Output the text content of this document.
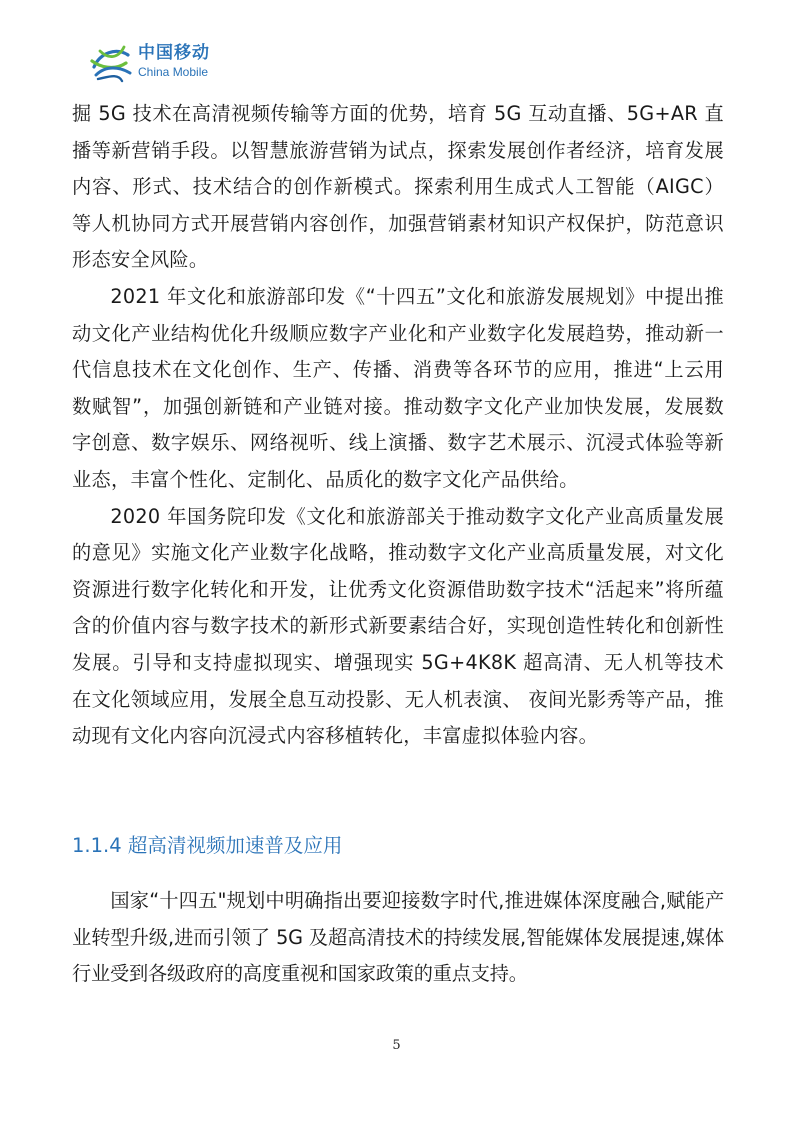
中国移动
China Mobile

掘 5G 技术在高清视频传输等方面的优势，培育 5G 互动直播、5G+AR 直播等新营销手段。以智慧旅游营销为试点，探索发展创作者经济，培育发展内容、形式、技术结合的创作新模式。探索利用生成式人工智能（AIGC）等人机协同方式开展营销内容创作，加强营销素材知识产权保护，防范意识形态安全风险。

2021 年文化和旅游部印发《“十四五”文化和旅游发展规划》中提出推动文化产业结构优化升级顺应数字产业化和产业数字化发展趋势，推动新一代信息技术在文化创作、生产、传播、消费等各环节的应用，推进“上云用数赋智”，加强创新链和产业链对接。推动数字文化产业加快发展，发展数字创意、数字娱乐、网络视听、线上演播、数字艺术展示、沉浸式体验等新业态，丰富个性化、定制化、品质化的数字文化产品供给。

2020 年国务院印发《文化和旅游部关于推动数字文化产业高质量发展的意见》实施文化产业数字化战略，推动数字文化产业高质量发展，对文化资源进行数字化转化和开发，让优秀文化资源借助数字技术“活起来”将所蕴含的价值内容与数字技术的新形式新要素结合好，实现创造性转化和创新性发展。引导和支持虚拟现实、增强现实 5G+4K8K 超高清、无人机等技术在文化领域应用，发展全息互动投影、无人机表演、 夜间光影秀等产品，推动现有文化内容向沉浸式内容移植转化，丰富虚拟体验内容。

1.1.4 超高清视频加速普及应用

国家“十四五"规划中明确指出要迎接数字时代,推进媒体深度融合,赋能产业转型升级,进而引领了 5G 及超高清技术的持续发展,智能媒体发展提速,媒体行业受到各级政府的高度重视和国家政策的重点支持。

5
